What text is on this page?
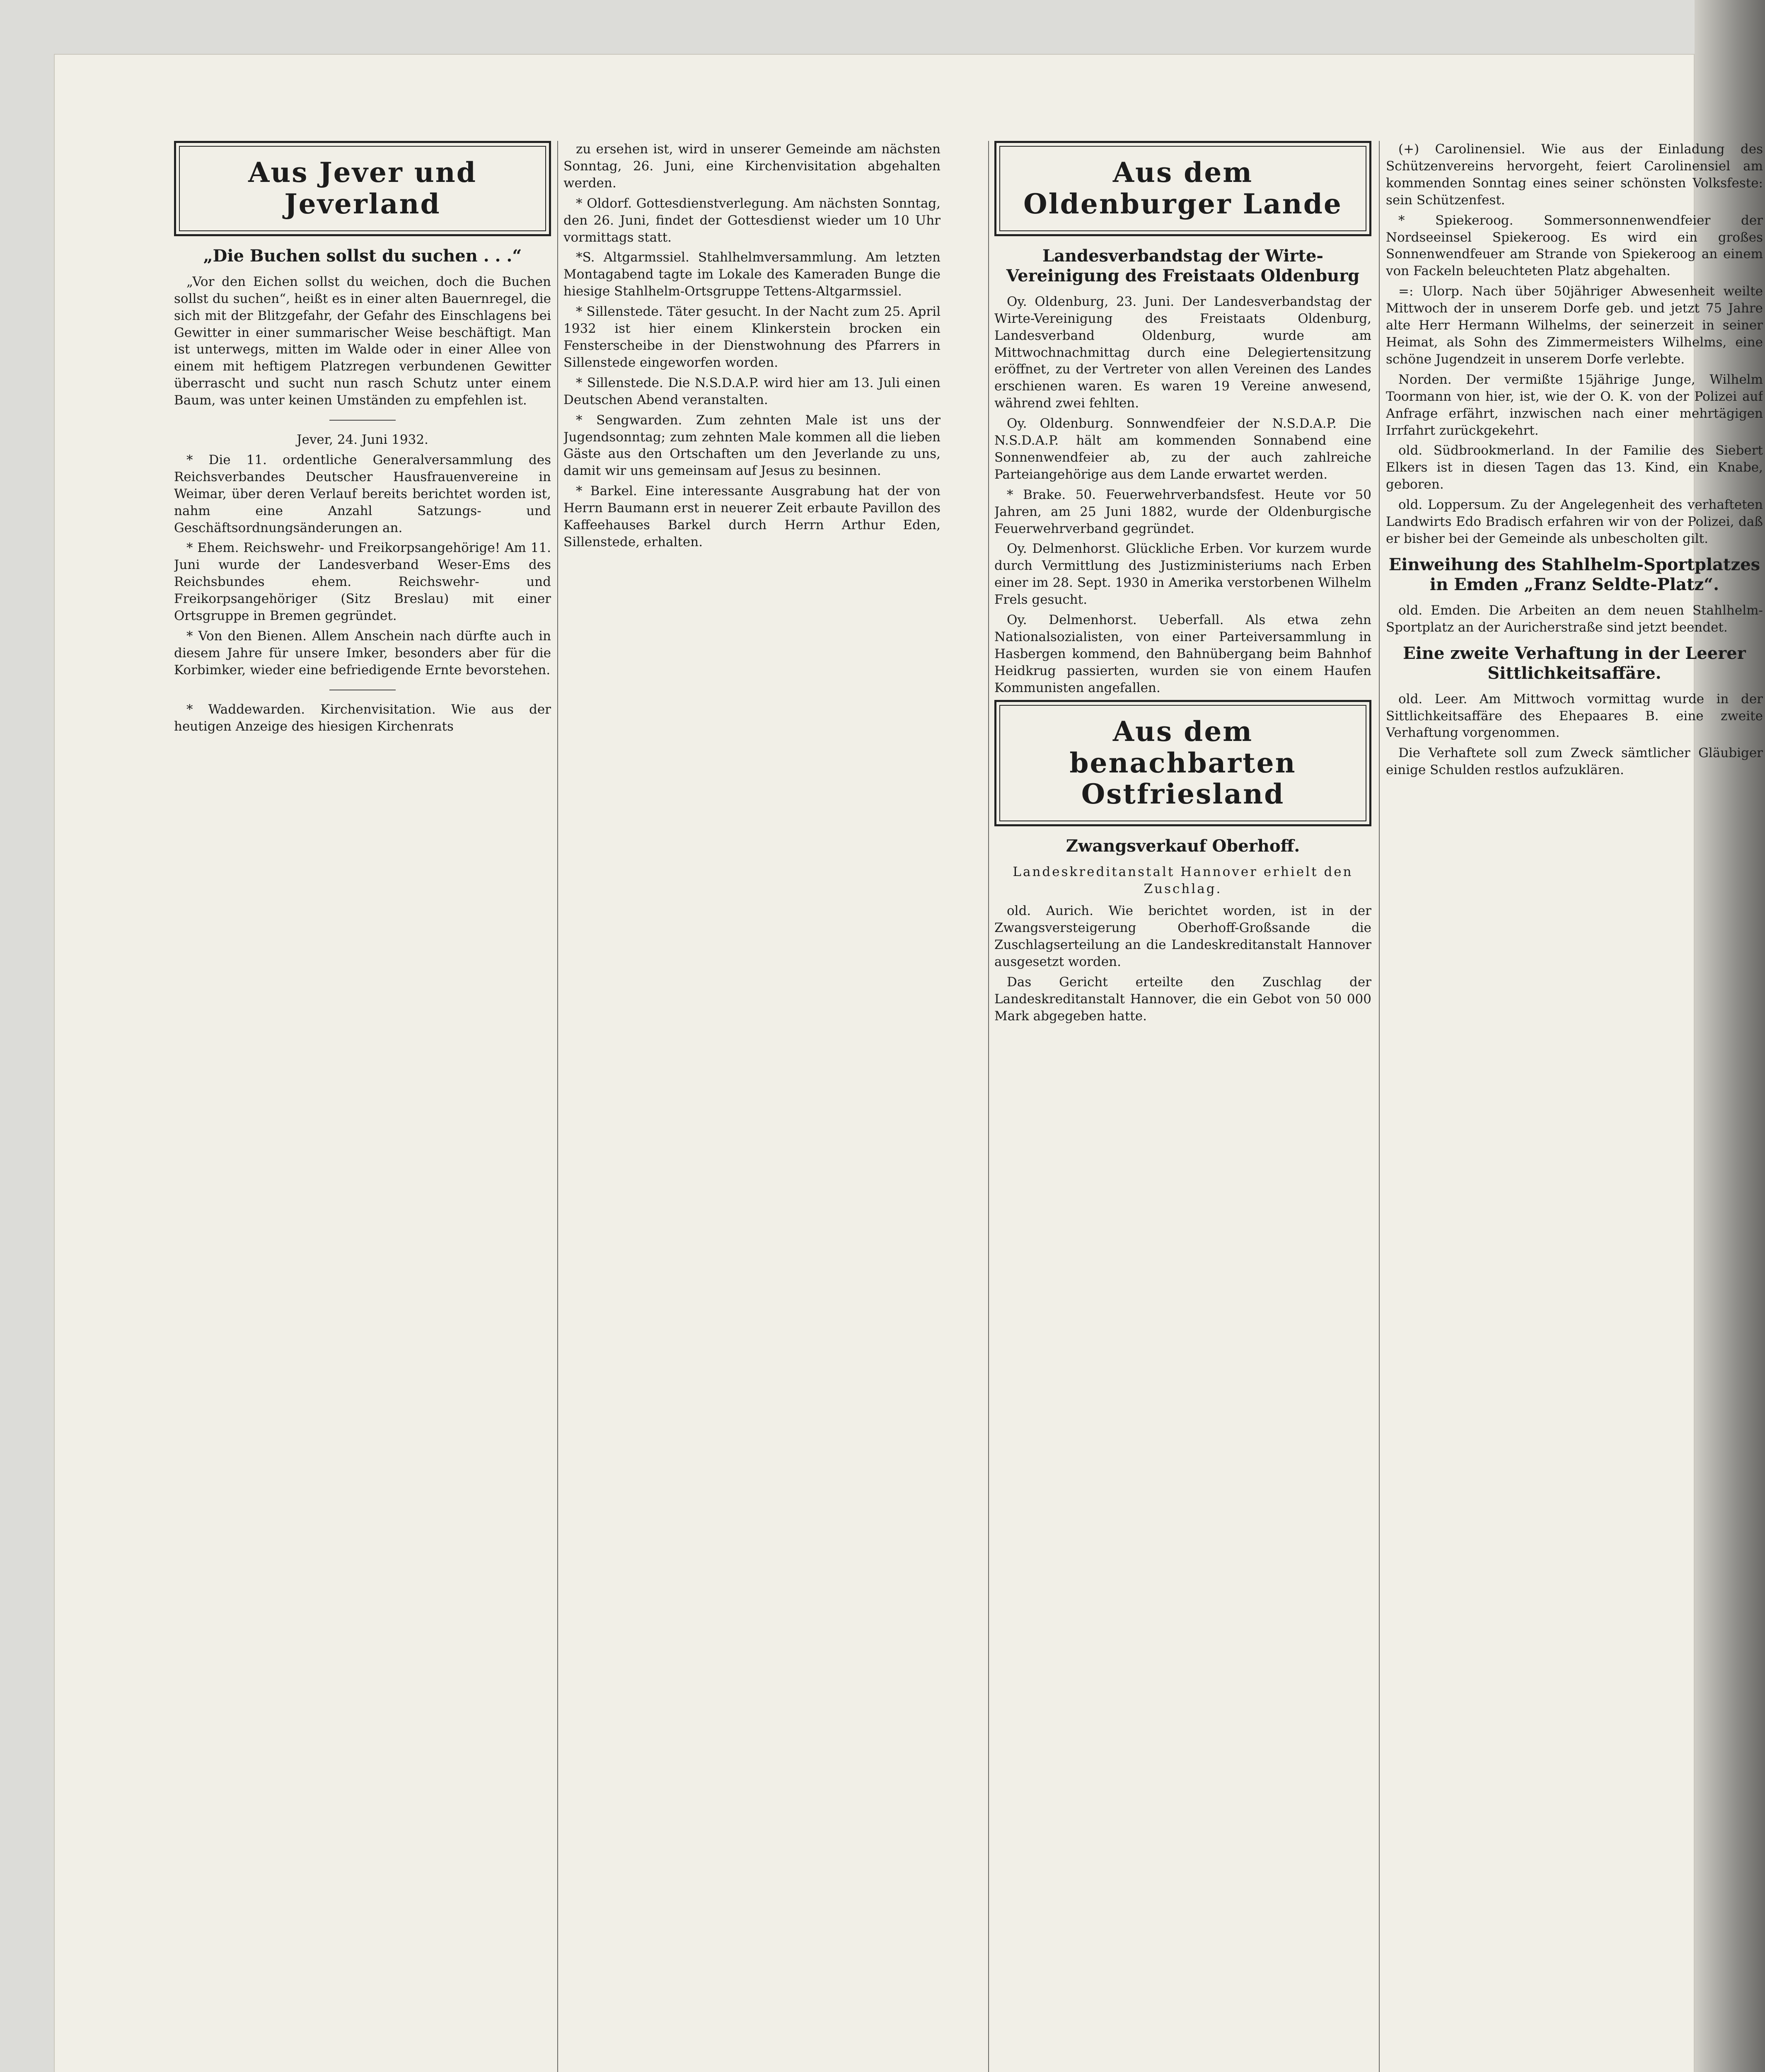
Aus Jever und Jeverland
„Die Buchen sollst du suchen . . .“

„Vor den Eichen sollst du weichen, doch die Buchen sollst du suchen“, heißt es in einer alten Bauernregel, die sich mit der Blitzgefahr, der Gefahr des Einschlagens bei Gewitter in einer summarischer Weise beschäftigt. Man ist unterwegs, mitten im Walde oder in einer Allee von einem mit heftigem Platzregen verbundenen Gewitter überrascht und sucht nun rasch Schutz unter einem Baum, was unter keinen Umständen zu empfehlen ist.

Jever, 24. Juni 1932.

* Die 11. ordentliche Generalversammlung des Reichsverbandes Deutscher Hausfrauenvereine in Weimar, über deren Verlauf bereits berichtet worden ist, nahm eine Anzahl Satzungs- und Geschäftsordnungsänderungen an.

* Ehem. Reichswehr- und Freikorpsangehörige! Am 11. Juni wurde der Landesverband Weser-Ems des Reichsbundes ehem. Reichswehr- und Freikorpsangehöriger (Sitz Breslau) mit einer Ortsgruppe in Bremen gegründet.

* Von den Bienen. Allem Anschein nach dürfte auch in diesem Jahre für unsere Imker, besonders aber für die Korbimker, wieder eine befriedigende Ernte bevorstehen.

* Waddewarden. Kirchenvisitation. Wie aus der heutigen Anzeige des hiesigen Kirchenrats

zu ersehen ist, wird in unserer Gemeinde am nächsten Sonntag, 26. Juni, eine Kirchenvisitation abgehalten werden.

* Oldorf. Gottesdienstverlegung. Am nächsten Sonntag, den 26. Juni, findet der Gottesdienst wieder um 10 Uhr vormittags statt.

*S. Altgarmssiel. Stahlhelmversammlung. Am letzten Montagabend tagte im Lokale des Kameraden Bunge die hiesige Stahlhelm-Ortsgruppe Tettens-Altgarmssiel.

* Sillenstede. Täter gesucht. In der Nacht zum 25. April 1932 ist hier einem Klinkerstein brocken ein Fensterscheibe in der Dienstwohnung des Pfarrers in Sillenstede eingeworfen worden.

* Sillenstede. Die N.S.D.A.P. wird hier am 13. Juli einen Deutschen Abend veranstalten.

* Sengwarden. Zum zehnten Male ist uns der Jugendsonntag; zum zehnten Male kommen all die lieben Gäste aus den Ortschaften um den Jeverlande zu uns, damit wir uns gemeinsam auf Jesus zu besinnen.

* Barkel. Eine interessante Ausgrabung hat der von Herrn Baumann erst in neuerer Zeit erbaute Pavillon des Kaffeehauses Barkel durch Herrn Arthur Eden, Sillenstede, erhalten.

Aus dem Oldenburger Lande
Landesverbandstag der Wirte-Vereinigung des Freistaats Oldenburg

Oy. Oldenburg, 23. Juni. Der Landesverbandstag der Wirte-Vereinigung des Freistaats Oldenburg, Landesverband Oldenburg, wurde am Mittwochnachmittag durch eine Delegiertensitzung eröffnet, zu der Vertreter von allen Vereinen des Landes erschienen waren. Es waren 19 Vereine anwesend, während zwei fehlten.

Oy. Oldenburg. Sonnwendfeier der N.S.D.A.P. Die N.S.D.A.P. hält am kommenden Sonnabend eine Sonnenwendfeier ab, zu der auch zahlreiche Parteiangehörige aus dem Lande erwartet werden.

* Brake. 50. Feuerwehrverbandsfest. Heute vor 50 Jahren, am 25 Juni 1882, wurde der Oldenburgische Feuerwehrverband gegründet.

Oy. Delmenhorst. Glückliche Erben. Vor kurzem wurde durch Vermittlung des Justizministeriums nach Erben einer im 28. Sept. 1930 in Amerika verstorbenen Wilhelm Frels gesucht.

Oy. Delmenhorst. Ueberfall. Als etwa zehn Nationalsozialisten, von einer Parteiversammlung in Hasbergen kommend, den Bahnübergang beim Bahnhof Heidkrug passierten, wurden sie von einem Haufen Kommunisten angefallen.

Aus dem benachbarten Ostfriesland
Zwangsverkauf Oberhoff.
Landeskreditanstalt Hannover erhielt den Zuschlag.

old. Aurich. Wie berichtet worden, ist in der Zwangsversteigerung Oberhoff-Großsande die Zuschlagserteilung an die Landeskreditanstalt Hannover ausgesetzt worden.

Das Gericht erteilte den Zuschlag der Landeskreditanstalt Hannover, die ein Gebot von 50 000 Mark abgegeben hatte.

(+) Carolinensiel. Wie aus der Einladung des Schützenvereins hervorgeht, feiert Carolinensiel am kommenden Sonntag eines seiner schönsten Volksfeste: sein Schützenfest.

* Spiekeroog. Sommersonnenwendfeier der Nordseeinsel Spiekeroog. Es wird ein großes Sonnenwendfeuer am Strande von Spiekeroog an einem von Fackeln beleuchteten Platz abgehalten.

=: Ulorp. Nach über 50jähriger Abwesenheit weilte Mittwoch der in unserem Dorfe geb. und jetzt 75 Jahre alte Herr Hermann Wilhelms, der seinerzeit in seiner Heimat, als Sohn des Zimmermeisters Wilhelms, eine schöne Jugendzeit in unserem Dorfe verlebte.

Norden. Der vermißte 15jährige Junge, Wilhelm Toormann von hier, ist, wie der O. K. von der Polizei auf Anfrage erfährt, inzwischen nach einer mehrtägigen Irrfahrt zurückgekehrt.

old. Südbrookmerland. In der Familie des Siebert Elkers ist in diesen Tagen das 13. Kind, ein Knabe, geboren.

old. Loppersum. Zu der Angelegenheit des verhafteten Landwirts Edo Bradisch erfahren wir von der Polizei, daß er bisher bei der Gemeinde als unbescholten gilt.

Einweihung des Stahlhelm-Sportplatzes in Emden „Franz Seldte-Platz“.

old. Emden. Die Arbeiten an dem neuen Stahlhelm-Sportplatz an der Auricherstraße sind jetzt beendet.

Eine zweite Verhaftung in der Leerer Sittlichkeitsaffäre.

old. Leer. Am Mittwoch vormittag wurde in der Sittlichkeitsaffäre des Ehepaares B. eine zweite Verhaftung vorgenommen.

Die Verhaftete soll zum Zweck sämtlicher Gläubiger einige Schulden restlos aufzuklären.
